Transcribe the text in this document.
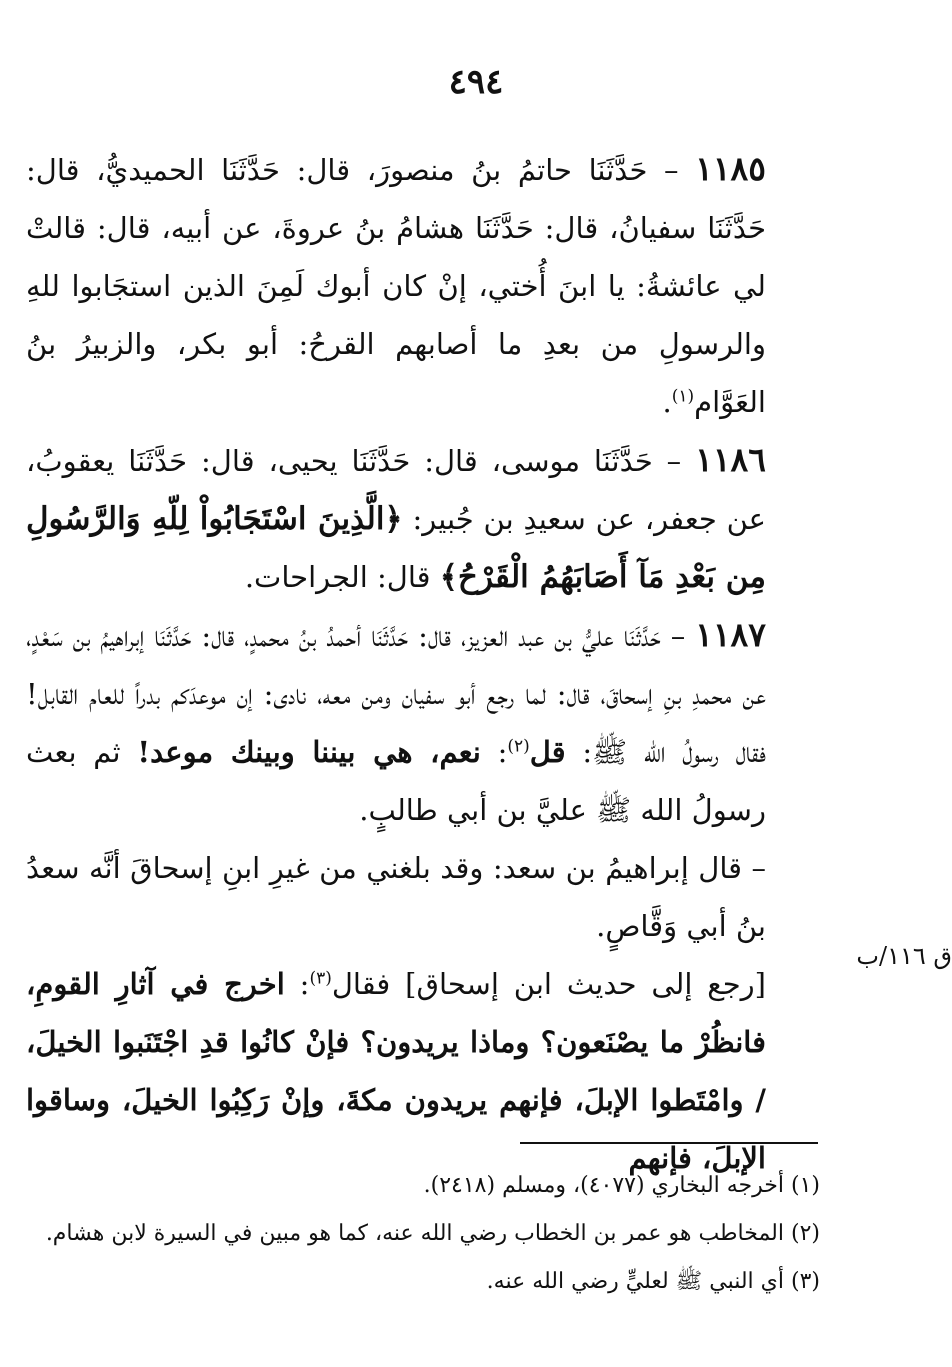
٤٩٤

١١٨٥ – حَدَّثَنَا حاتمُ بنُ منصورَ، قال: حَدَّثَنَا الحميديُّ، قال: حَدَّثَنَا سفيانُ، قال: حَدَّثَنَا هشامُ بنُ عروةَ، عن أبيه، قال: قالتْ لي عائشةُ: يا ابنَ أُختي، إنْ كان أبوك لَمِنَ الذين استجَابوا للهِ والرسولِ من بعدِ ما أصابهم القرحُ: أبو بكر، والزبيرُ بنُ العَوَّام$^{(١)}$.

١١٨٦ – حَدَّثَنَا موسى، قال: حَدَّثَنَا يحيى، قال: حَدَّثَنَا يعقوبُ، عن جعفر، عن سعيدِ بن جُبير: ﴿الَّذِينَ اسْتَجَابُواْ لِلّهِ وَالرَّسُولِ مِن بَعْدِ مَآ أَصَابَهُمُ الْقَرْحُ﴾ قال: الجراحات.

١١٨٧ – حَدَّثَنَا عليُّ بن عبد العزيز، قال: حَدَّثَنَا أحمدُ بنُ محمدٍ، قال: حَدَّثَنَا إبراهيمُ بن سَعْدٍ، عن محمدِ بنِ إسحاقَ، قال: لما رجع أبو سفيان ومن معه، نادى: إن موعدَكم بدراً للعام القابل! فقال رسولُ الله ﷺ: قل$^{(٢)}$: نعم، هي بيننا وبينك موعد! ثم بعث رسولُ الله ﷺ عليَّ بن أبي طالبٍ.

– قال إبراهيمُ بن سعد: وقد بلغني من غيرِ ابنِ إسحاقَ أنَّه سعدُ بنُ أبي وَقَّاصٍ.

[رجع إلى حديث ابن إسحاق] فقال$^{(٣)}$: اخرج في آثارِ القومِ، فانظُرْ ما يصْنَعون؟ وماذا يريدون؟ فإنْ كانُوا قدِ اجْتَنَبوا الخيلَ، / وامْتَطوا الإبلَ، فإنهم يريدون مكةَ، وإنْ رَكِبُوا الخيلَ، وساقوا الإبلَ، فإنهم

ق ١١٦/ب

(١) أخرجه البخاري (٤٠٧٧)، ومسلم (٢٤١٨).

(٢) المخاطب هو عمر بن الخطاب رضي الله عنه، كما هو مبين في السيرة لابن هشام.

(٣) أي النبي ﷺ لعليٍّ رضي الله عنه.
